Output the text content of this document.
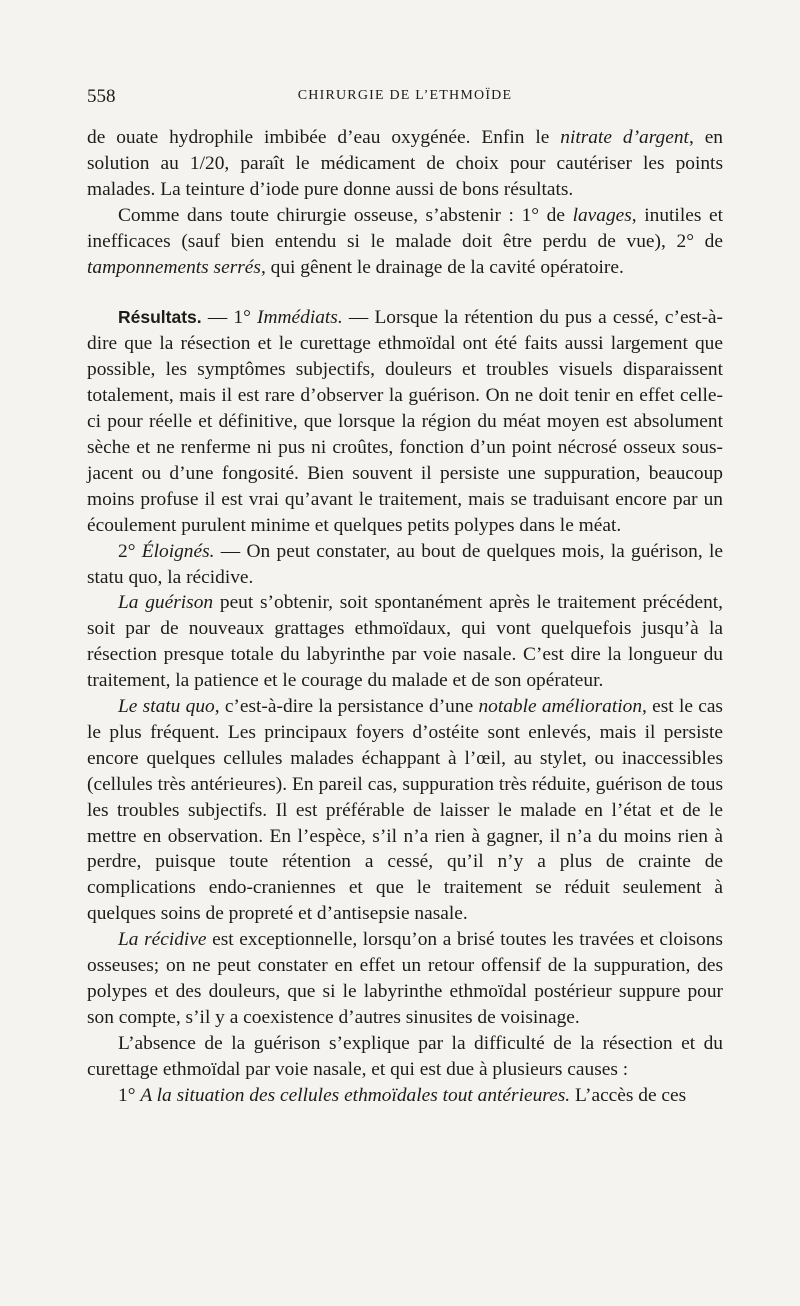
558	CHIRURGIE DE L’ETHMOÏDE

de ouate hydrophile imbibée d’eau oxygénée. Enfin le nitrate d’argent, en solution au 1/20, paraît le médicament de choix pour cautériser les points malades. La teinture d’iode pure donne aussi de bons résultats.

Comme dans toute chirurgie osseuse, s’abstenir : 1° de lavages, inutiles et inefficaces (sauf bien entendu si le malade doit être perdu de vue), 2° de tamponnements serrés, qui gênent le drainage de la cavité opératoire.

Résultats. — 1° Immédiats. — Lorsque la rétention du pus a cessé, c’est-à-dire que la résection et le curettage ethmoïdal ont été faits aussi largement que possible, les symptômes subjectifs, douleurs et troubles visuels disparaissent totalement, mais il est rare d’observer la guérison. On ne doit tenir en effet celle-ci pour réelle et définitive, que lorsque la région du méat moyen est absolument sèche et ne renferme ni pus ni croûtes, fonction d’un point nécrosé osseux sous-jacent ou d’une fongosité. Bien souvent il persiste une suppuration, beaucoup moins profuse il est vrai qu’avant le traitement, mais se traduisant encore par un écoulement purulent minime et quelques petits polypes dans le méat.

2° Éloignés. — On peut constater, au bout de quelques mois, la guérison, le statu quo, la récidive.

La guérison peut s’obtenir, soit spontanément après le traitement précédent, soit par de nouveaux grattages ethmoïdaux, qui vont quelquefois jusqu’à la résection presque totale du labyrinthe par voie nasale. C’est dire la longueur du traitement, la patience et le courage du malade et de son opérateur.

Le statu quo, c’est-à-dire la persistance d’une notable amélioration, est le cas le plus fréquent. Les principaux foyers d’ostéite sont enlevés, mais il persiste encore quelques cellules malades échappant à l’œil, au stylet, ou inaccessibles (cellules très antérieures). En pareil cas, suppuration très réduite, guérison de tous les troubles subjectifs. Il est préférable de laisser le malade en l’état et de le mettre en observation. En l’espèce, s’il n’a rien à gagner, il n’a du moins rien à perdre, puisque toute rétention a cessé, qu’il n’y a plus de crainte de complications endo-craniennes et que le traitement se réduit seulement à quelques soins de propreté et d’antisepsie nasale.

La récidive est exceptionnelle, lorsqu’on a brisé toutes les travées et cloisons osseuses; on ne peut constater en effet un retour offensif de la suppuration, des polypes et des douleurs, que si le labyrinthe ethmoïdal postérieur suppure pour son compte, s’il y a coexistence d’autres sinusites de voisinage.

L’absence de la guérison s’explique par la difficulté de la résection et du curettage ethmoïdal par voie nasale, et qui est due à plusieurs causes :

1° A la situation des cellules ethmoïdales tout antérieures. L’accès de ces
